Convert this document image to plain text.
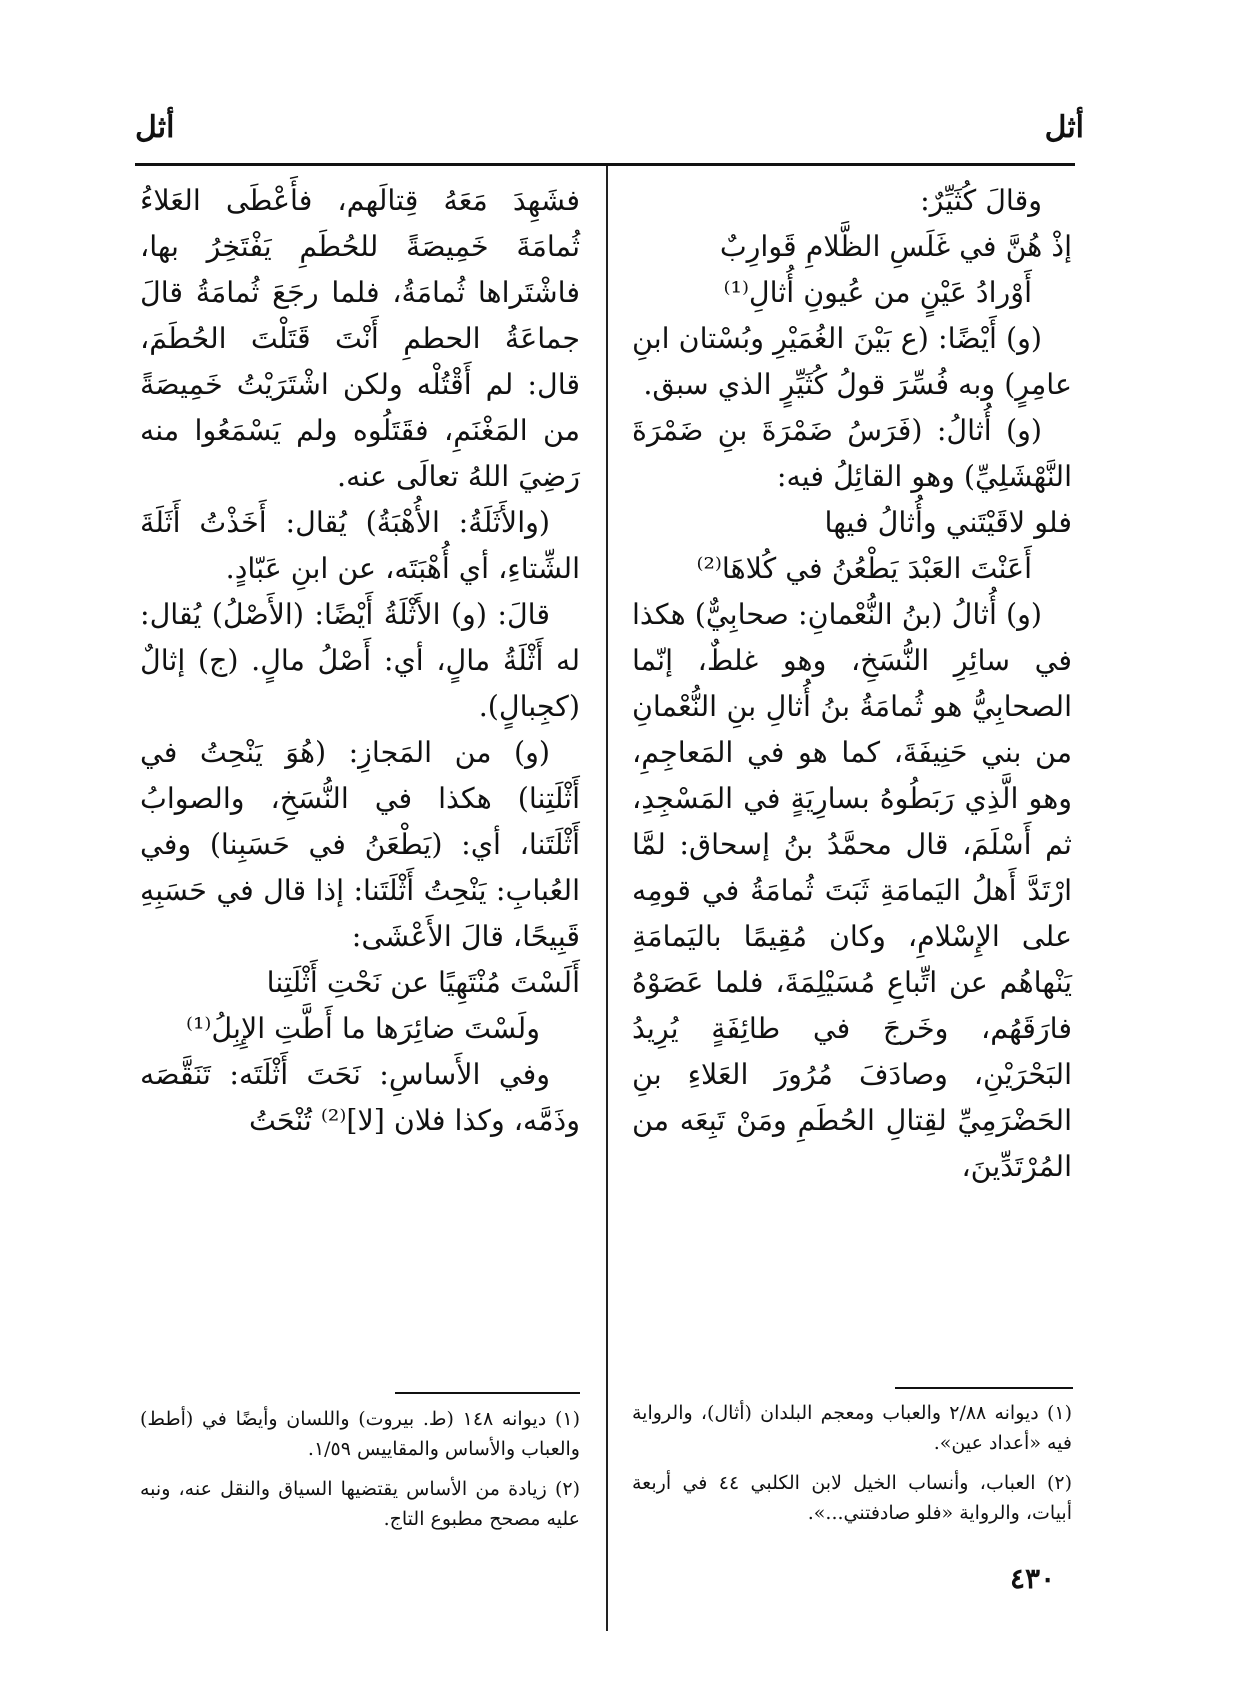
أثل
أثل

وقالَ كُثَيِّرٌ:

إذْ هُنَّ في غَلَسِ الظَّلامِ قَوارِبٌ

أَوْرادُ عَيْنٍ من عُيونِ أُثالِ⁽¹⁾

(و) أَيْضًا: (ع بَيْنَ الغُمَيْرِ وبُسْتان ابنِ عامِرٍ) وبه فُسِّرَ قولُ كُثَيِّرٍ الذي سبق.

(و) أُثالُ: (فَرَسُ ضَمْرَةَ بنِ ضَمْرَةَ النَّهْشَلِيِّ) وهو القائِلُ فيه:

فلو لاقَيْتَني وأُثالُ فيها

أَعَنْتَ العَبْدَ يَطْعُنُ في كُلاهَا⁽²⁾

(و) أُثالُ (بنُ النُّعْمانِ: صحابِيٌّ) هكذا في سائِرِ النُّسَخِ، وهو غلطٌ، إنّما الصحابِيُّ هو ثُمامَةُ بنُ أُثالِ بنِ النُّعْمانِ من بني حَنِيفَةَ، كما هو في المَعاجِمِ، وهو الَّذِي رَبَطُوهُ بسارِيَةٍ في المَسْجِدِ، ثم أَسْلَمَ، قال محمَّدُ بنُ إسحاق: لمَّا ارْتَدَّ أَهلُ اليَمامَةِ ثَبَتَ ثُمامَةُ في قومِه على الإِسْلامِ، وكان مُقِيمًا باليَمامَةِ يَنْهاهُم عن اتِّباعِ مُسَيْلِمَةَ، فلما عَصَوْهُ فارَقَهُم، وخَرجَ في طائِفَةٍ يُرِيدُ البَحْرَيْنِ، وصادَفَ مُرُورَ العَلاءِ بنِ الحَضْرَمِيِّ لقِتالِ الحُطَمِ ومَنْ تَبِعَه من المُرْتَدِّينَ،

فشَهِدَ مَعَهُ قِتالَهم، فأَعْطَى العَلاءُ ثُمامَةَ خَمِيصَةً للحُطَمِ يَفْتَخِرُ بها، فاشْتَراها ثُمامَةُ، فلما رجَعَ ثُمامَةُ قالَ جماعَةُ الحطمِ أَنْتَ قَتَلْتَ الحُطَمَ، قال: لم أَقْتُلْه ولكن اشْتَرَيْتُ خَمِيصَةً من المَغْنَمِ، فقَتَلُوه ولم يَسْمَعُوا منه رَضِيَ اللهُ تعالَى عنه.

(والأَثَلَةُ: الأُهْبَةُ) يُقال: أَخَذْتُ أَثَلَةَ الشِّتاءِ، أي أُهْبَتَه، عن ابنِ عَبّادٍ.

قالَ: (و) الأَثْلَةُ أَيْضًا: (الأَصْلُ) يُقال: له أَثْلَةُ مالٍ، أي: أَصْلُ مالٍ. (ج) إثالٌ (كجِبالٍ).

(و) من المَجازِ: (هُوَ يَنْحِتُ في أَثْلَتِنا) هكذا في النُّسَخِ، والصوابُ أَثْلَتَنا، أي: (يَطْعَنُ في حَسَبِنا) وفي العُبابِ: يَنْحِتُ أَثْلَتَنا: إذا قال في حَسَبِهِ قَبِيحًا، قالَ الأَعْشَى:

أَلَسْتَ مُنْتَهِيًا عن نَحْتِ أَثْلَتِنا

ولَسْتَ ضائِرَها ما أَطَّتِ الإِبِلُ⁽¹⁾

وفي الأَساسِ: نَحَتَ أَثْلَتَه: تَنَقَّصَه وذَمَّه، وكذا فلان [لا]⁽²⁾ تُنْحَتُ

(١) ديوانه ٢/٨٨ والعباب ومعجم البلدان (أثال)، والرواية فيه «أعداد عين».

(٢) العباب، وأنساب الخيل لابن الكلبي ٤٤ في أربعة أبيات، والرواية «فلو صادفتني...».

(١) ديوانه ١٤٨ (ط. بيروت) واللسان وأيضًا في (أطط) والعباب والأساس والمقاييس ١/٥٩.

(٢) زيادة من الأساس يقتضيها السياق والنقل عنه، ونبه عليه مصحح مطبوع التاج.

٤٣٠
